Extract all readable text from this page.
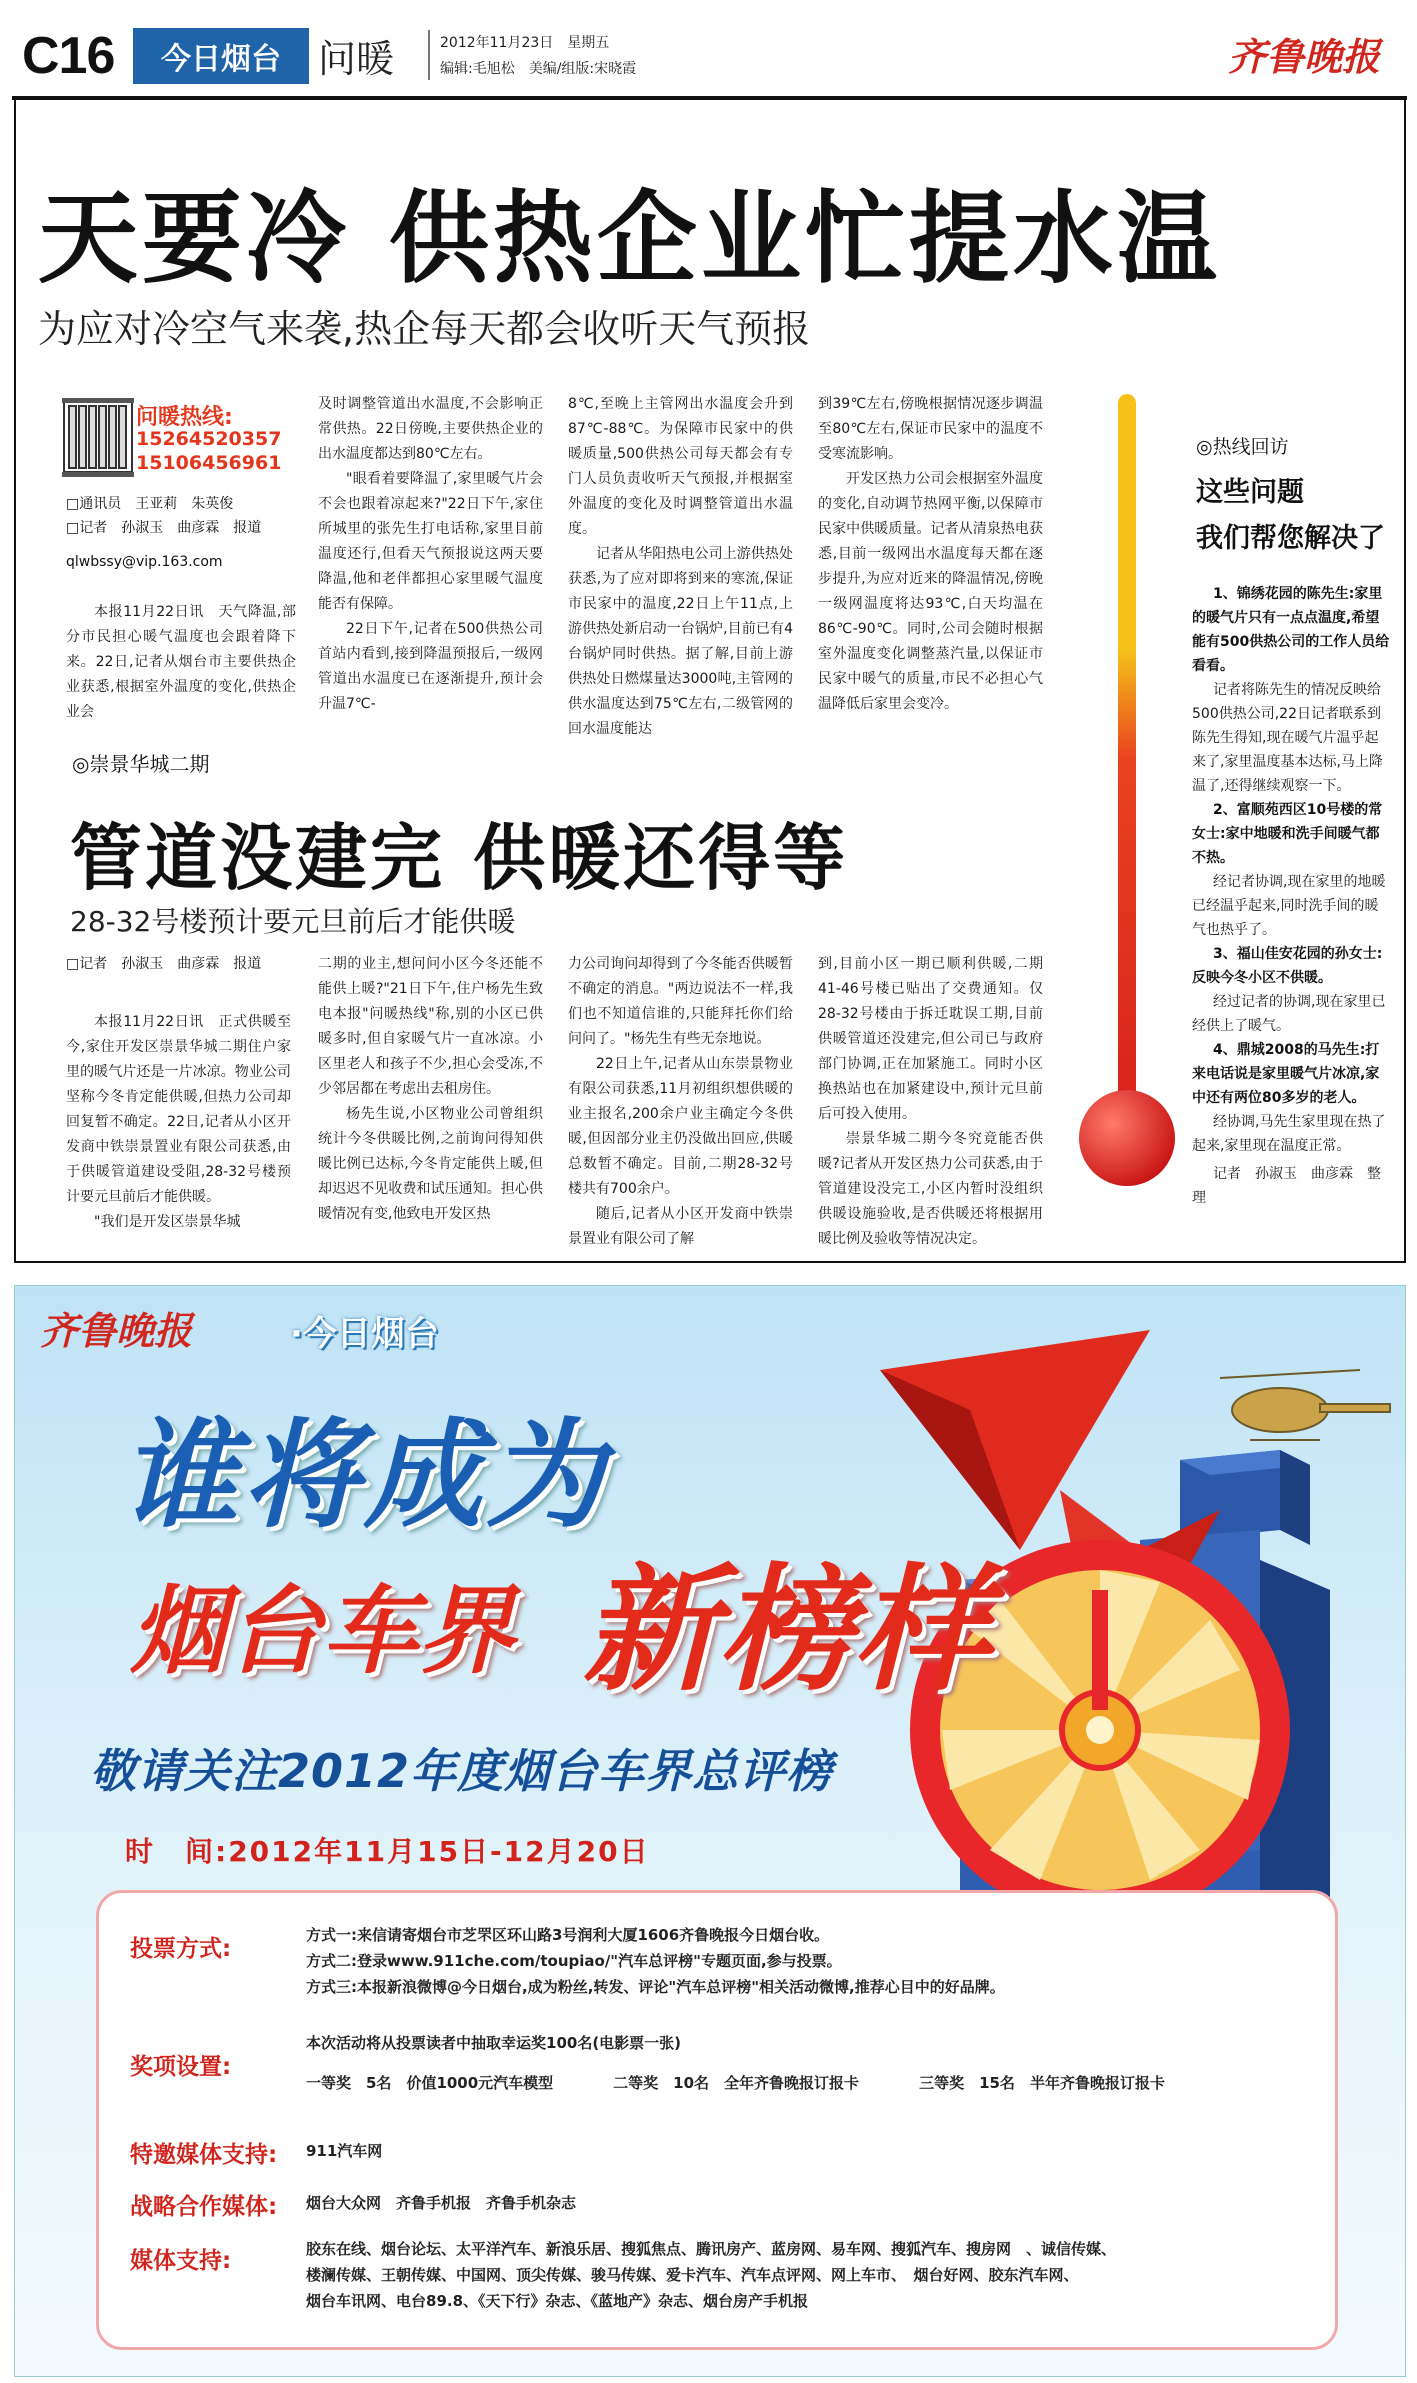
C16	今日烟台 问暖	2012年11月23日　星期五
编辑:毛旭松　美编/组版:宋晓霞	齐鲁晚报
天要冷 供热企业忙提水温
为应对冷空气来袭,热企每天都会收听天气预报
问暖热线:
15264520357
15106456961
□通讯员　王亚莉　朱英俊
□记者　孙淑玉　曲彦霖　报道
qlwbssy@vip.163.com

本报11月22日讯　天气降温,部分市民担心暖气温度也会跟着降下来。22日,记者从烟台市主要供热企业获悉,根据室外温度的变化,供热企业会

及时调整管道出水温度,不会影响正常供热。22日傍晚,主要供热企业的出水温度都达到80℃左右。

"眼看着要降温了,家里暖气片会不会也跟着凉起来?"22日下午,家住所城里的张先生打电话称,家里目前温度还行,但看天气预报说这两天要降温,他和老伴都担心家里暖气温度能否有保障。

22日下午,记者在500供热公司首站内看到,接到降温预报后,一级网管道出水温度已在逐渐提升,预计会升温7℃-

8℃,至晚上主管网出水温度会升到87℃-88℃。为保障市民家中的供暖质量,500供热公司每天都会有专门人员负责收听天气预报,并根据室外温度的变化及时调整管道出水温度。

记者从华阳热电公司上游供热处获悉,为了应对即将到来的寒流,保证市民家中的温度,22日上午11点,上游供热处新启动一台锅炉,目前已有4台锅炉同时供热。据了解,目前上游供热处日燃煤量达3000吨,主管网的供水温度达到75℃左右,二级管网的回水温度能达

到39℃左右,傍晚根据情况逐步调温至80℃左右,保证市民家中的温度不受寒流影响。

开发区热力公司会根据室外温度的变化,自动调节热网平衡,以保障市民家中供暖质量。记者从清泉热电获悉,目前一级网出水温度每天都在逐步提升,为应对近来的降温情况,傍晚一级网温度将达93℃,白天均温在86℃-90℃。同时,公司会随时根据室外温度变化调整蒸汽量,以保证市民家中暖气的质量,市民不必担心气温降低后家里会变冷。

◎崇景华城二期
管道没建完 供暖还得等
28-32号楼预计要元旦前后才能供暖
□记者　孙淑玉　曲彦霖　报道

本报11月22日讯　正式供暖至今,家住开发区崇景华城二期住户家里的暖气片还是一片冰凉。物业公司坚称今冬肯定能供暖,但热力公司却回复暂不确定。22日,记者从小区开发商中铁崇景置业有限公司获悉,由于供暖管道建设受阻,28-32号楼预计要元旦前后才能供暖。

"我们是开发区崇景华城

二期的业主,想问问小区今冬还能不能供上暖?"21日下午,住户杨先生致电本报"问暖热线"称,别的小区已供暖多时,但自家暖气片一直冰凉。小区里老人和孩子不少,担心会受冻,不少邻居都在考虑出去租房住。

杨先生说,小区物业公司曾组织统计今冬供暖比例,之前询问得知供暖比例已达标,今冬肯定能供上暖,但却迟迟不见收费和试压通知。担心供暖情况有变,他致电开发区热

力公司询问却得到了今冬能否供暖暂不确定的消息。"两边说法不一样,我们也不知道信谁的,只能拜托你们给问问了。"杨先生有些无奈地说。

22日上午,记者从山东崇景物业有限公司获悉,11月初组织想供暖的业主报名,200余户业主确定今冬供暖,但因部分业主仍没做出回应,供暖总数暂不确定。目前,二期28-32号楼共有700余户。

随后,记者从小区开发商中铁崇景置业有限公司了解

到,目前小区一期已顺利供暖,二期41-46号楼已贴出了交费通知。仅28-32号楼由于拆迁耽误工期,目前供暖管道还没建完,但公司已与政府部门协调,正在加紧施工。同时小区换热站也在加紧建设中,预计元旦前后可投入使用。

崇景华城二期今冬究竟能否供暖?记者从开发区热力公司获悉,由于管道建设没完工,小区内暂时没组织供暖设施验收,是否供暖还将根据用暖比例及验收等情况决定。

◎热线回访
这些问题
我们帮您解决了

1、锦绣花园的陈先生:家里的暖气片只有一点点温度,希望能有500供热公司的工作人员给看看。

记者将陈先生的情况反映给500供热公司,22日记者联系到陈先生得知,现在暖气片温乎起来了,家里温度基本达标,马上降温了,还得继续观察一下。

2、富顺苑西区10号楼的常女士:家中地暖和洗手间暖气都不热。

经记者协调,现在家里的地暖已经温乎起来,同时洗手间的暖气也热乎了。

3、福山佳安花园的孙女士:反映今冬小区不供暖。

经过记者的协调,现在家里已经供上了暖气。

4、鼎城2008的马先生:打来电话说是家里暖气片冰凉,家中还有两位80多岁的老人。

经协调,马先生家里现在热了起来,家里现在温度正常。

记者　孙淑玉　曲彦霖　整理

齐鲁晚报	·今日烟台
谁将成为
烟台车界 新榜样
敬请关注2012年度烟台车界总评榜
时　间:2012年11月15日-12月20日
投票方式:
方式一:来信请寄烟台市芝罘区环山路3号润利大厦1606齐鲁晚报今日烟台收。
方式二:登录www.911che.com/toupiao/"汽车总评榜"专题页面,参与投票。
方式三:本报新浪微博@今日烟台,成为粉丝,转发、评论"汽车总评榜"相关活动微博,推荐心目中的好品牌。
奖项设置:
本次活动将从投票读者中抽取幸运奖100名(电影票一张)
一等奖　5名　价值1000元汽车模型　　　　二等奖　10名　全年齐鲁晚报订报卡　　　　三等奖　15名　半年齐鲁晚报订报卡
特邀媒体支持: 911汽车网
战略合作媒体: 烟台大众网　齐鲁手机报　齐鲁手机杂志
媒体支持:	胶东在线、烟台论坛、太平洋汽车、新浪乐居、搜狐焦点、腾讯房产、蓝房网、易车网、搜狐汽车、搜房网　、诚信传媒、
楼澜传媒、王朝传媒、中国网、顶尖传媒、骏马传媒、爱卡汽车、汽车点评网、网上车市、　烟台好网、胶东汽车网、
烟台车讯网、电台89.8、《天下行》杂志、《蓝地产》杂志、烟台房产手机报
